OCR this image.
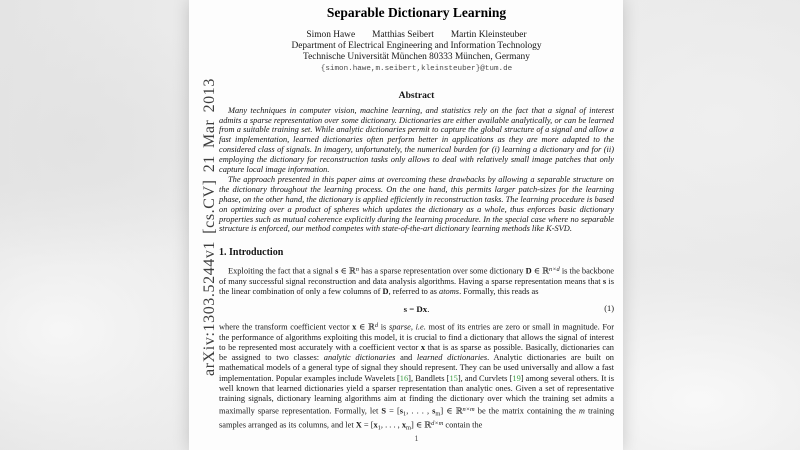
arXiv:1303.5244v1 [cs.CV] 21 Mar 2013
Separable Dictionary Learning
Simon Hawe Matthias Seibert Martin Kleinsteuber
Department of Electrical Engineering and Information Technology
Technische Universität München 80333 München, Germany
{simon.hawe,m.seibert,kleinsteuber}@tum.de
Abstract

Many techniques in computer vision, machine learning, and statistics rely on the fact that a signal of interest admits a sparse representation over some dictionary. Dictionaries are either available analytically, or can be learned from a suitable training set. While analytic dictionaries permit to capture the global structure of a signal and allow a fast implementation, learned dictionaries often perform better in applications as they are more adapted to the considered class of signals. In imagery, unfortunately, the numerical burden for (i) learning a dictionary and for (ii) employing the dictionary for reconstruction tasks only allows to deal with relatively small image patches that only capture local image information.

The approach presented in this paper aims at overcoming these drawbacks by allowing a separable structure on the dictionary throughout the learning process. On the one hand, this permits larger patch-sizes for the learning phase, on the other hand, the dictionary is applied efficiently in reconstruction tasks. The learning procedure is based on optimizing over a product of spheres which updates the dictionary as a whole, thus enforces basic dictionary properties such as mutual coherence explicitly during the learning procedure. In the special case where no separable structure is enforced, our method competes with state-of-the-art dictionary learning methods like K-SVD.

1. Introduction

Exploiting the fact that a signal s ∈ ℝ$^n$ has a sparse representation over some dictionary D ∈ ℝ$^{n\times d}$ is the backbone of many successful signal reconstruction and data analysis algorithms. Having a sparse representation means that s is the linear combination of only a few columns of D, referred to as atoms. Formally, this reads as

s = Dx.	(1)

where the transform coefficient vector x ∈ ℝ$^d$ is sparse, i.e. most of its entries are zero or small in magnitude. For the performance of algorithms exploiting this model, it is crucial to find a dictionary that allows the signal of interest to be represented most accurately with a coefficient vector x that is as sparse as possible. Basically, dictionaries can be assigned to two classes: analytic dictionaries and learned dictionaries. Analytic dictionaries are built on mathematical models of a general type of signal they should represent. They can be used universally and allow a fast implementation. Popular examples include Wavelets [16], Bandlets [15], and Curvlets [19] among several others. It is well known that learned dictionaries yield a sparser representation than analytic ones. Given a set of representative training signals, dictionary learning algorithms aim at finding the dictionary over which the training set admits a maximally sparse representation. Formally, let $S = [s_1$, . . . , $s_m$] ∈ ℝ$^{n\times m}$ be the matrix containing the m training samples arranged as its columns, and let $X = [x_1$, . . . , $x_m$] ∈ ℝ$^{d\times m}$ contain the

1
